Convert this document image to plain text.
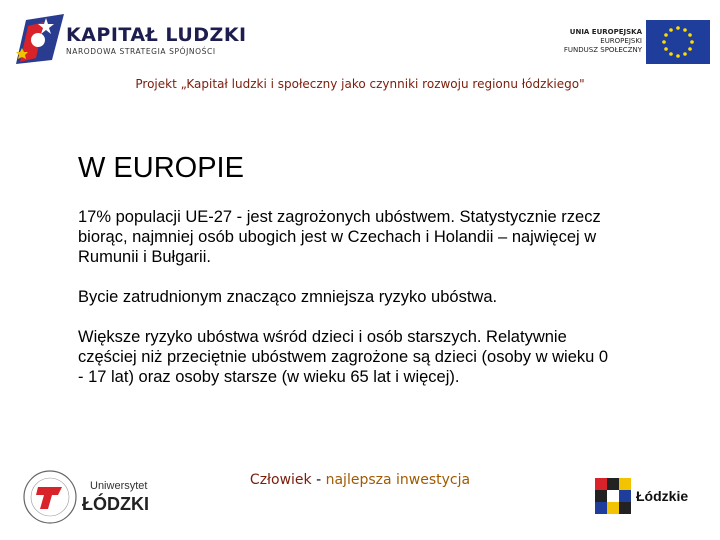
KAPITAŁ LUDZKI
NARODOWA STRATEGIA SPÓJNOŚCI
UNIA EUROPEJSKA
EUROPEJSKI
FUNDUSZ SPOŁECZNY
Projekt „Kapitał ludzki i społeczny jako czynniki rozwoju regionu łódzkiego"
W EUROPIE

17% populacji UE-27 - jest zagrożonych ubóstwem. Statystycznie rzecz biorąc, najmniej osób ubogich jest w Czechach i Holandii – najwięcej w Rumunii i Bułgarii.

Bycie zatrudnionym znacząco zmniejsza ryzyko ubóstwa.

Większe ryzyko ubóstwa wśród dzieci i osób starszych. Relatywnie częściej niż przeciętnie ubóstwem zagrożone są dzieci (osoby w wieku 0 - 17 lat) oraz osoby starsze (w wieku 65 lat i więcej).

Uniwersytet
ŁÓDZKI
Człowiek - najlepsza inwestycja
Łódzkie
